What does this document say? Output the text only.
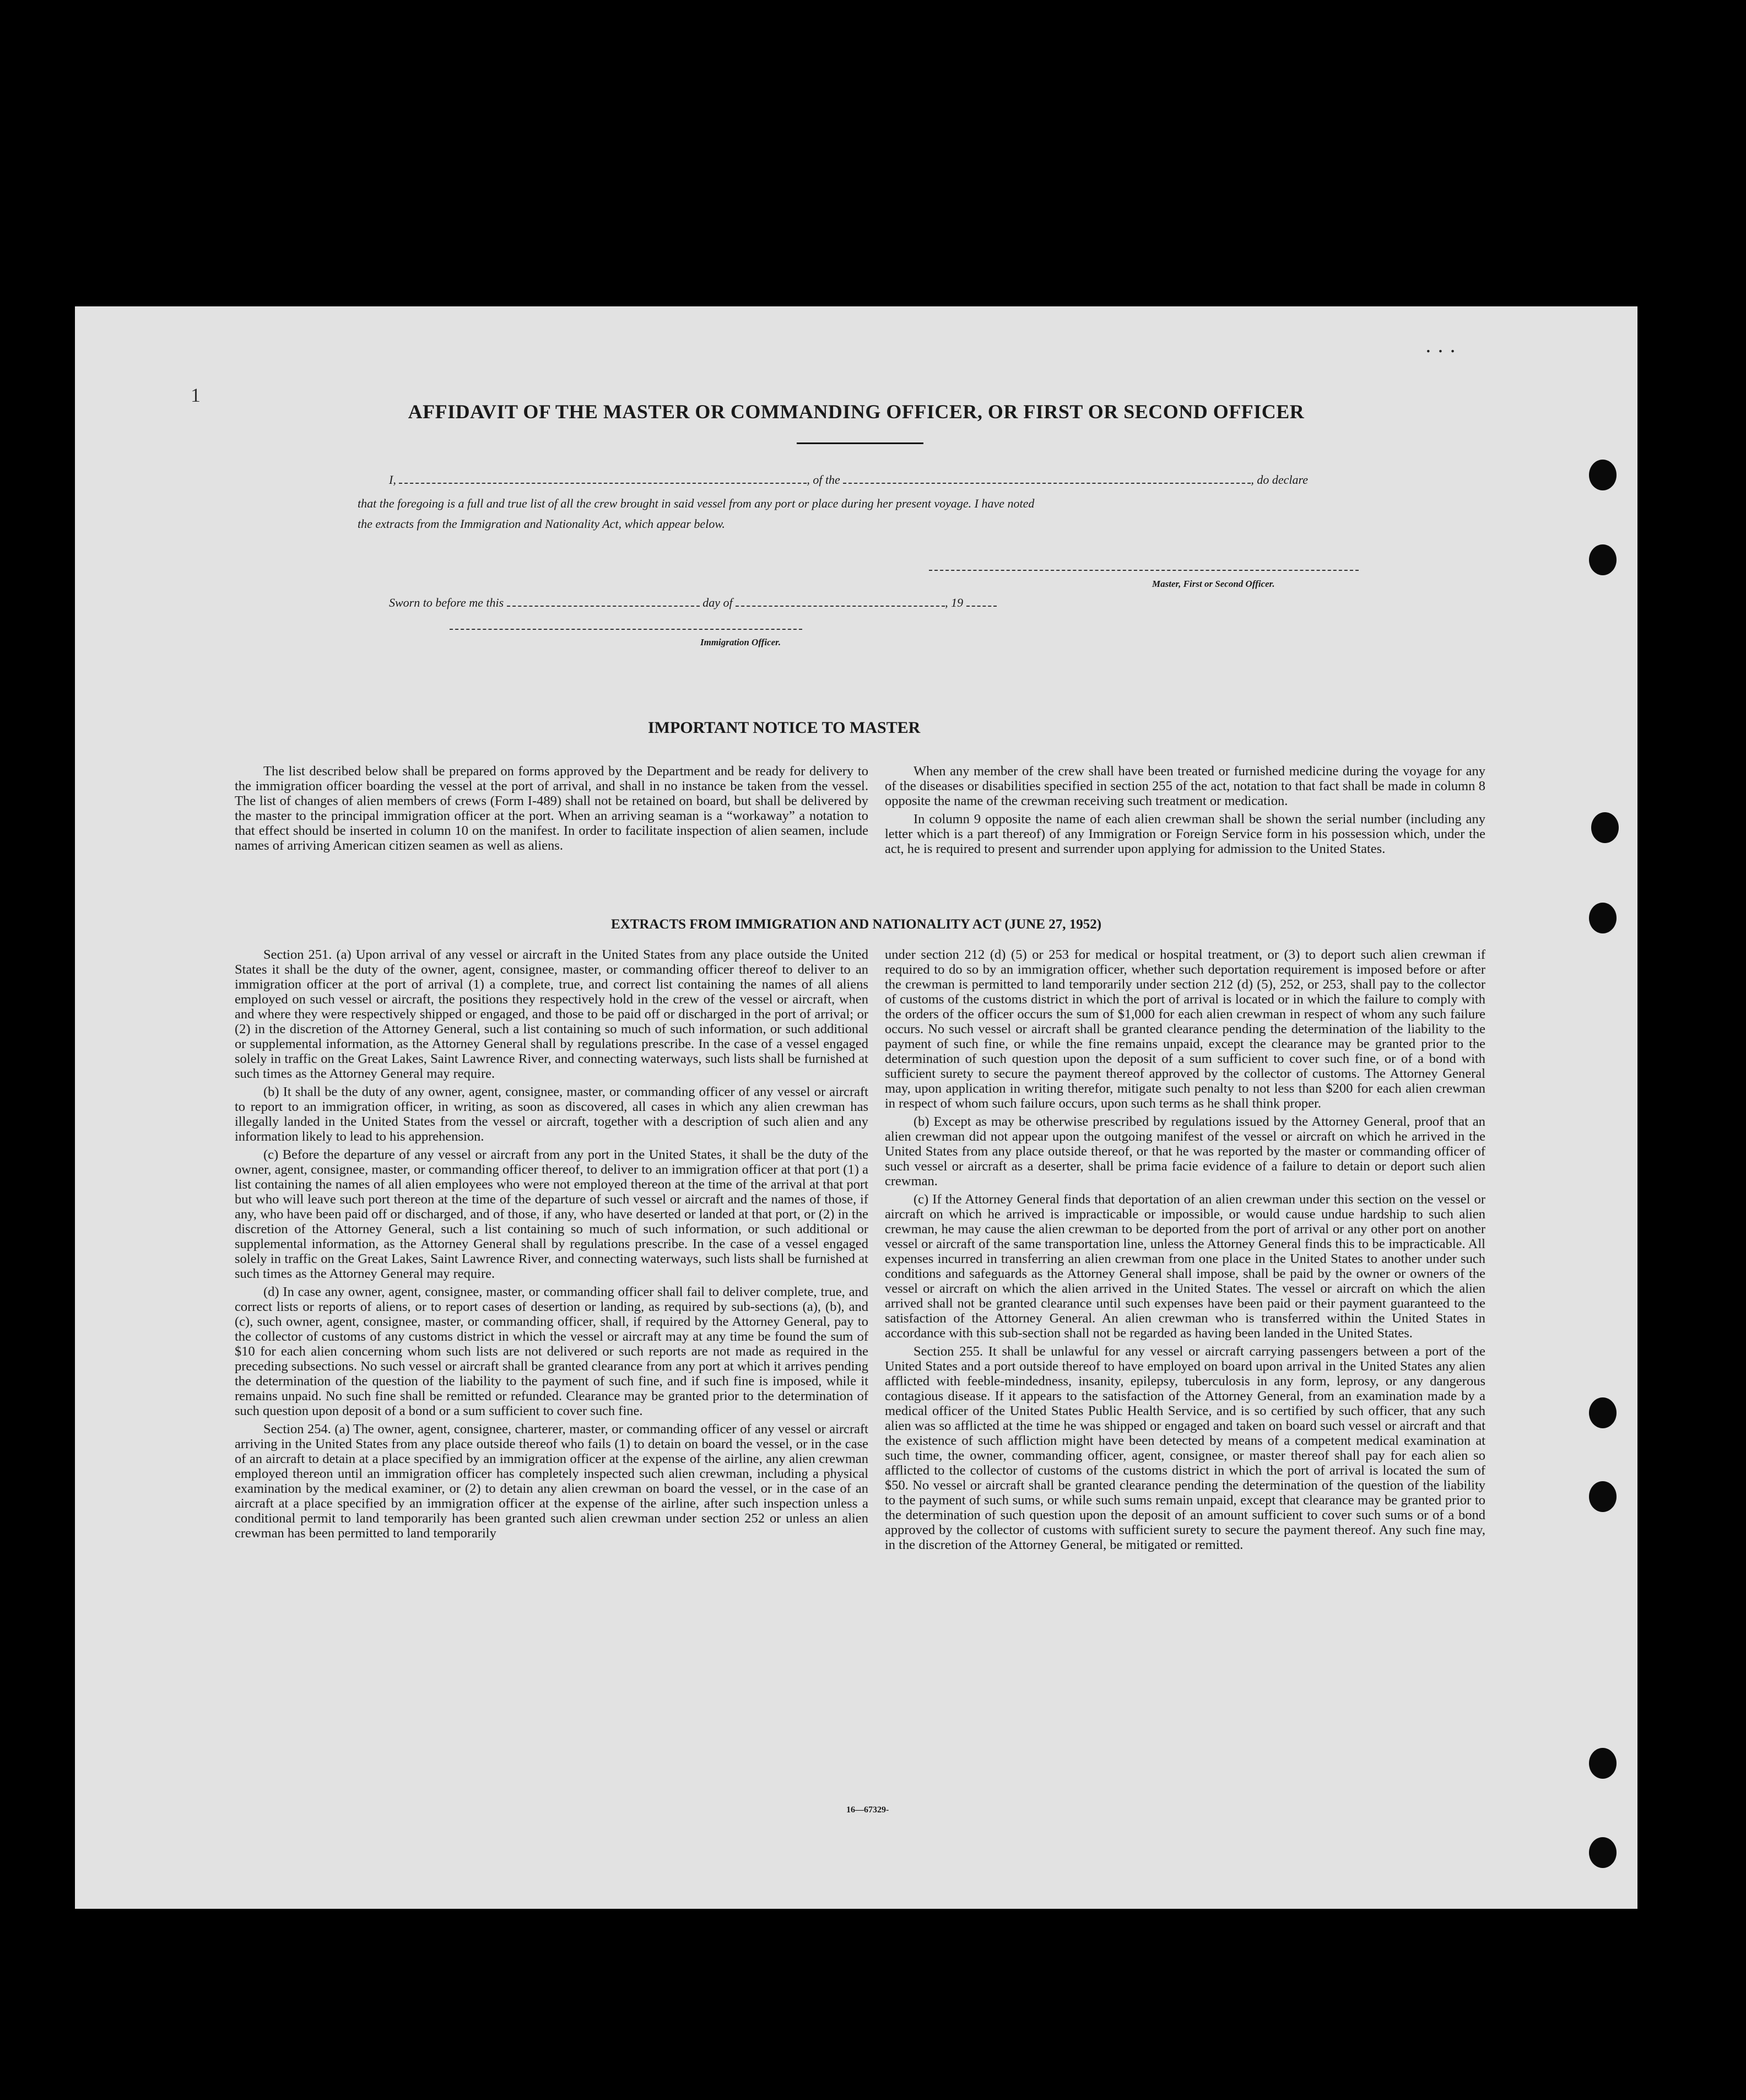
1
· · ·
AFFIDAVIT OF THE MASTER OR COMMANDING OFFICER, OR FIRST OR SECOND OFFICER
I,	, of the	, do declare
that the foregoing is a full and true list of all the crew brought in said vessel from any port or place during her present voyage. I have noted
the extracts from the Immigration and Nationality Act, which appear below.
Master, First or Second Officer.
Sworn to before me this	day of	, 19
Immigration Officer.
IMPORTANT NOTICE TO MASTER

The list described below shall be prepared on forms approved by the Department and be ready for delivery to the immigration officer boarding the vessel at the port of arrival, and shall in no instance be taken from the vessel. The list of changes of alien members of crews (Form I-489) shall not be retained on board, but shall be delivered by the master to the principal immigration officer at the port. When an arriving seaman is a “workaway” a notation to that effect should be inserted in column 10 on the manifest. In order to facilitate inspection of alien seamen, include names of arriving American citizen seamen as well as aliens.

When any member of the crew shall have been treated or furnished medicine during the voyage for any of the diseases or disabilities specified in section 255 of the act, notation to that fact shall be made in column 8 opposite the name of the crewman receiving such treatment or medication.

In column 9 opposite the name of each alien crewman shall be shown the serial number (including any letter which is a part thereof) of any Immigration or Foreign Service form in his possession which, under the act, he is required to present and surrender upon applying for admission to the United States.

EXTRACTS FROM IMMIGRATION AND NATIONALITY ACT (JUNE 27, 1952)

Section 251. (a) Upon arrival of any vessel or aircraft in the United States from any place outside the United States it shall be the duty of the owner, agent, consignee, master, or commanding officer thereof to deliver to an immigration officer at the port of arrival (1) a complete, true, and correct list containing the names of all aliens employed on such vessel or aircraft, the positions they respectively hold in the crew of the vessel or aircraft, when and where they were respectively shipped or engaged, and those to be paid off or discharged in the port of arrival; or (2) in the discretion of the Attorney General, such a list containing so much of such information, or such additional or supplemental information, as the Attorney General shall by regulations prescribe. In the case of a vessel engaged solely in traffic on the Great Lakes, Saint Lawrence River, and connecting waterways, such lists shall be furnished at such times as the Attorney General may require.

(b) It shall be the duty of any owner, agent, consignee, master, or commanding officer of any vessel or aircraft to report to an immigration officer, in writing, as soon as discovered, all cases in which any alien crewman has illegally landed in the United States from the vessel or aircraft, together with a description of such alien and any information likely to lead to his apprehension.

(c) Before the departure of any vessel or aircraft from any port in the United States, it shall be the duty of the owner, agent, consignee, master, or commanding officer thereof, to deliver to an immigration officer at that port (1) a list containing the names of all alien employees who were not employed thereon at the time of the arrival at that port but who will leave such port thereon at the time of the departure of such vessel or aircraft and the names of those, if any, who have been paid off or discharged, and of those, if any, who have deserted or landed at that port, or (2) in the discretion of the Attorney General, such a list containing so much of such information, or such additional or supplemental information, as the Attorney General shall by regulations prescribe. In the case of a vessel engaged solely in traffic on the Great Lakes, Saint Lawrence River, and connecting waterways, such lists shall be furnished at such times as the Attorney General may require.

(d) In case any owner, agent, consignee, master, or commanding officer shall fail to deliver complete, true, and correct lists or reports of aliens, or to report cases of desertion or landing, as required by sub-sections (a), (b), and (c), such owner, agent, consignee, master, or commanding officer, shall, if required by the Attorney General, pay to the collector of customs of any customs district in which the vessel or aircraft may at any time be found the sum of $10 for each alien concerning whom such lists are not delivered or such reports are not made as required in the preceding subsections. No such vessel or aircraft shall be granted clearance from any port at which it arrives pending the determination of the question of the liability to the payment of such fine, and if such fine is imposed, while it remains unpaid. No such fine shall be remitted or refunded. Clearance may be granted prior to the determination of such question upon deposit of a bond or a sum sufficient to cover such fine.

Section 254. (a) The owner, agent, consignee, charterer, master, or commanding officer of any vessel or aircraft arriving in the United States from any place outside thereof who fails (1) to detain on board the vessel, or in the case of an aircraft to detain at a place specified by an immigration officer at the expense of the airline, any alien crewman employed thereon until an immigration officer has completely inspected such alien crewman, including a physical examination by the medical examiner, or (2) to detain any alien crewman on board the vessel, or in the case of an aircraft at a place specified by an immigration officer at the expense of the airline, after such inspection unless a conditional permit to land temporarily has been granted such alien crewman under section 252 or unless an alien crewman has been permitted to land temporarily

under section 212 (d) (5) or 253 for medical or hospital treatment, or (3) to deport such alien crewman if required to do so by an immigration officer, whether such deportation requirement is imposed before or after the crewman is permitted to land temporarily under section 212 (d) (5), 252, or 253, shall pay to the collector of customs of the customs district in which the port of arrival is located or in which the failure to comply with the orders of the officer occurs the sum of $1,000 for each alien crewman in respect of whom any such failure occurs. No such vessel or aircraft shall be granted clearance pending the determination of the liability to the payment of such fine, or while the fine remains unpaid, except the clearance may be granted prior to the determination of such question upon the deposit of a sum sufficient to cover such fine, or of a bond with sufficient surety to secure the payment thereof approved by the collector of customs. The Attorney General may, upon application in writing therefor, mitigate such penalty to not less than $200 for each alien crewman in respect of whom such failure occurs, upon such terms as he shall think proper.

(b) Except as may be otherwise prescribed by regulations issued by the Attorney General, proof that an alien crewman did not appear upon the outgoing manifest of the vessel or aircraft on which he arrived in the United States from any place outside thereof, or that he was reported by the master or commanding officer of such vessel or aircraft as a deserter, shall be prima facie evidence of a failure to detain or deport such alien crewman.

(c) If the Attorney General finds that deportation of an alien crewman under this section on the vessel or aircraft on which he arrived is impracticable or impossible, or would cause undue hardship to such alien crewman, he may cause the alien crewman to be deported from the port of arrival or any other port on another vessel or aircraft of the same transportation line, unless the Attorney General finds this to be impracticable. All expenses incurred in transferring an alien crewman from one place in the United States to another under such conditions and safeguards as the Attorney General shall impose, shall be paid by the owner or owners of the vessel or aircraft on which the alien arrived in the United States. The vessel or aircraft on which the alien arrived shall not be granted clearance until such expenses have been paid or their payment guaranteed to the satisfaction of the Attorney General. An alien crewman who is transferred within the United States in accordance with this sub-section shall not be regarded as having been landed in the United States.

Section 255. It shall be unlawful for any vessel or aircraft carrying passengers between a port of the United States and a port outside thereof to have employed on board upon arrival in the United States any alien afflicted with feeble-mindedness, insanity, epilepsy, tuberculosis in any form, leprosy, or any dangerous contagious disease. If it appears to the satisfaction of the Attorney General, from an examination made by a medical officer of the United States Public Health Service, and is so certified by such officer, that any such alien was so afflicted at the time he was shipped or engaged and taken on board such vessel or aircraft and that the existence of such affliction might have been detected by means of a competent medical examination at such time, the owner, commanding officer, agent, consignee, or master thereof shall pay for each alien so afflicted to the collector of customs of the customs district in which the port of arrival is located the sum of $50. No vessel or aircraft shall be granted clearance pending the determination of the question of the liability to the payment of such sums, or while such sums remain unpaid, except that clearance may be granted prior to the determination of such question upon the deposit of an amount sufficient to cover such sums or of a bond approved by the collector of customs with sufficient surety to secure the payment thereof. Any such fine may, in the discretion of the Attorney General, be mitigated or remitted.

16—67329-
